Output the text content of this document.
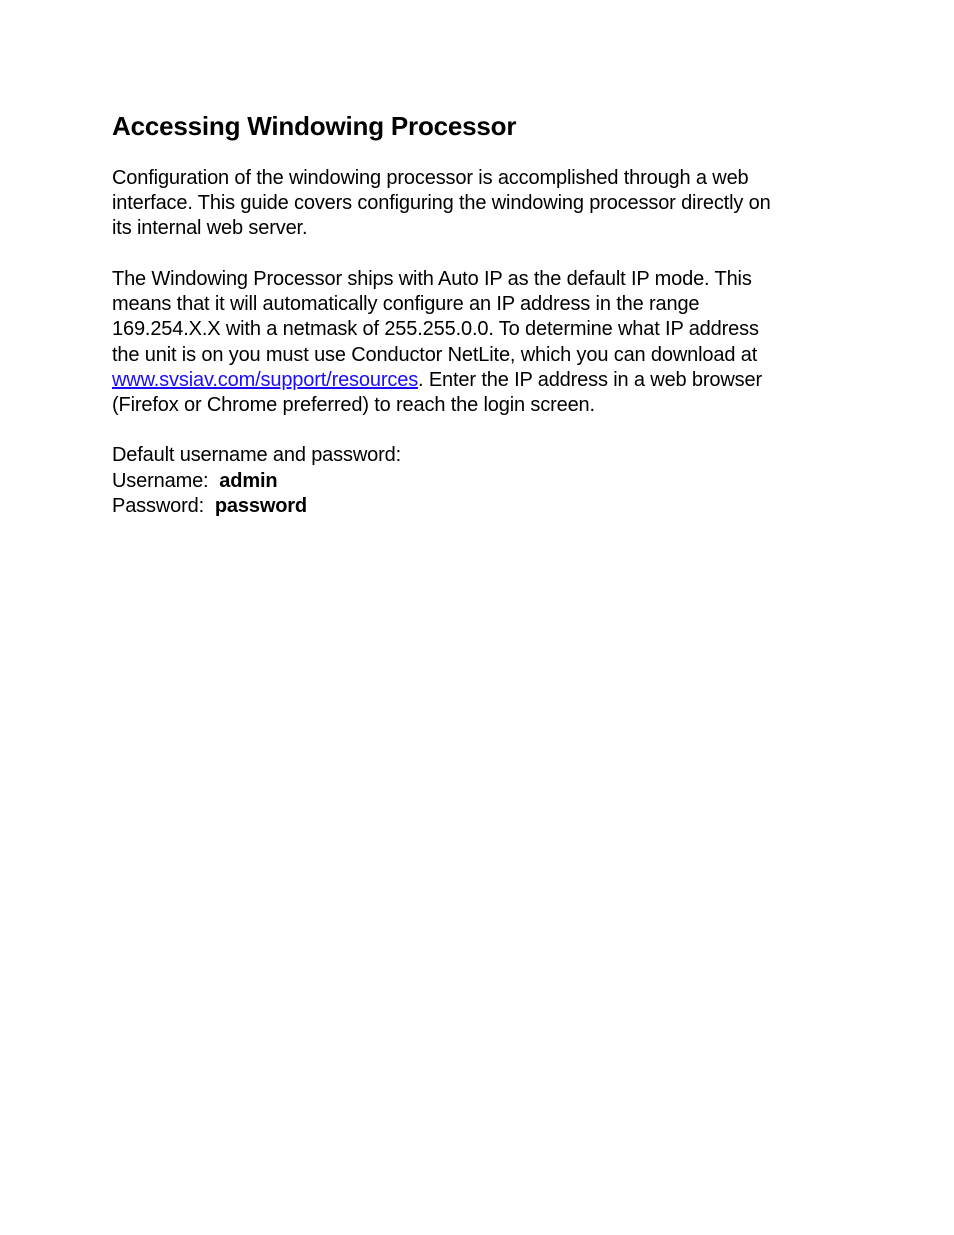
Accessing Windowing Processor

Configuration of the windowing processor is accomplished through a web
interface. This guide covers configuring the windowing processor directly on
its internal web server.

The Windowing Processor ships with Auto IP as the default IP mode. This
means that it will automatically configure an IP address in the range
169.254.X.X with a netmask of 255.255.0.0. To determine what IP address
the unit is on you must use Conductor NetLite, which you can download at
www.svsiav.com/support/resources. Enter the IP address in a web browser
(Firefox or Chrome preferred) to reach the login screen.

Default username and password:
Username:  admin
Password:  password
